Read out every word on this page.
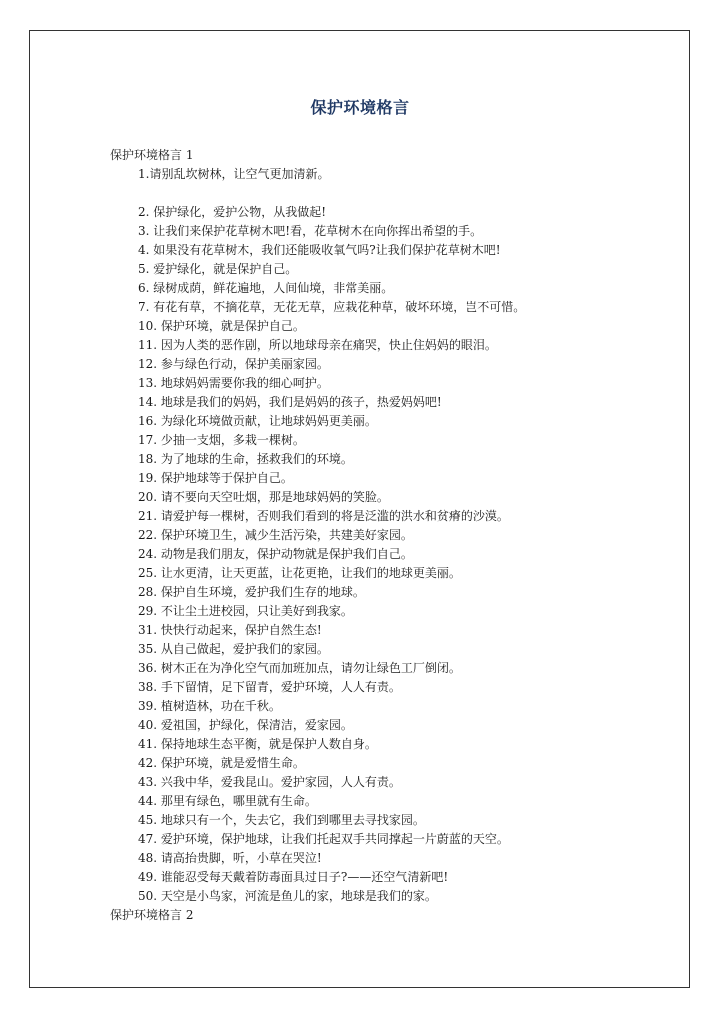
保护环境格言
保护环境格言 1
1.请别乱坎树林，让空气更加清新。
2. 保护绿化，爱护公物，从我做起!
3. 让我们来保护花草树木吧!看，花草树木在向你挥出希望的手。
4. 如果没有花草树木，我们还能吸收氧气吗?让我们保护花草树木吧!
5. 爱护绿化，就是保护自己。
6. 绿树成荫，鲜花遍地，人间仙境，非常美丽。
7. 有花有草，不摘花草，无花无草，应栽花种草，破坏环境，岂不可惜。
10. 保护环境，就是保护自己。
11. 因为人类的恶作剧，所以地球母亲在痛哭，快止住妈妈的眼泪。
12. 参与绿色行动，保护美丽家园。
13. 地球妈妈需要你我的细心呵护。
14. 地球是我们的妈妈，我们是妈妈的孩子，热爱妈妈吧!
16. 为绿化环境做贡献，让地球妈妈更美丽。
17. 少抽一支烟，多栽一棵树。
18. 为了地球的生命，拯救我们的环境。
19. 保护地球等于保护自己。
20. 请不要向天空吐烟，那是地球妈妈的笑脸。
21. 请爱护每一棵树，否则我们看到的将是泛滥的洪水和贫瘠的沙漠。
22. 保护环境卫生，减少生活污染，共建美好家园。
24. 动物是我们朋友，保护动物就是保护我们自己。
25. 让水更清，让天更蓝，让花更艳，让我们的地球更美丽。
28. 保护自生环境，爱护我们生存的地球。
29. 不让尘土进校园，只让美好到我家。
31. 快快行动起来，保护自然生态!
35. 从自己做起，爱护我们的家园。
36. 树木正在为净化空气而加班加点，请勿让绿色工厂倒闭。
38. 手下留情，足下留青，爱护环境，人人有责。
39. 植树造林，功在千秋。
40. 爱祖国，护绿化，保清洁，爱家园。
41. 保持地球生态平衡，就是保护人数自身。
42. 保护环境，就是爱惜生命。
43. 兴我中华，爱我昆山。爱护家园，人人有责。
44. 那里有绿色，哪里就有生命。
45. 地球只有一个，失去它，我们到哪里去寻找家园。
47. 爱护环境，保护地球，让我们托起双手共同撑起一片蔚蓝的天空。
48. 请高抬贵脚，听，小草在哭泣!
49. 谁能忍受每天戴着防毒面具过日子?——还空气清新吧!
50. 天空是小鸟家，河流是鱼儿的家，地球是我们的家。
保护环境格言 2
